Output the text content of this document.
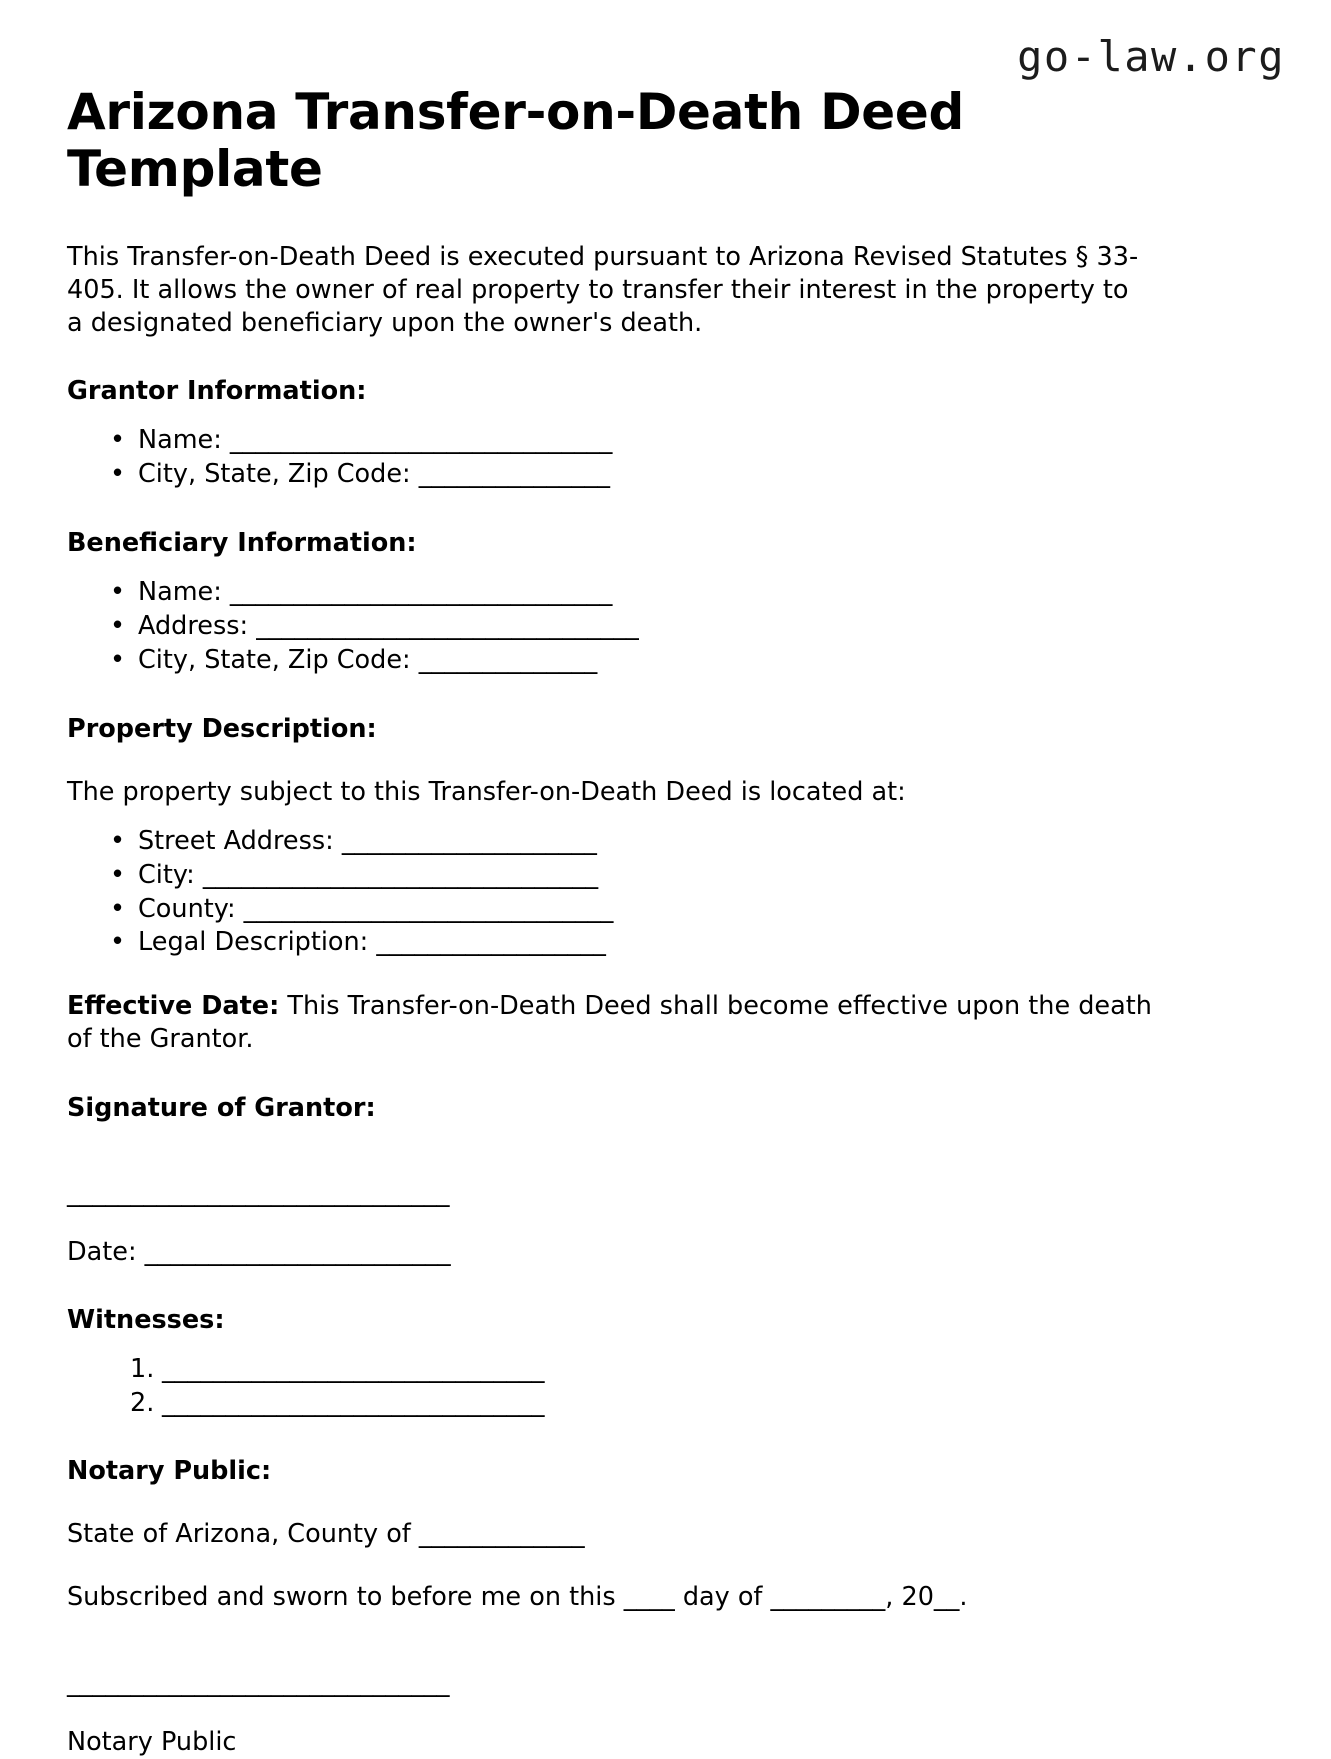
go-law.org
Arizona Transfer-on-Death Deed Template

This Transfer-on-Death Deed is executed pursuant to Arizona Revised Statutes § 33-405. It allows the owner of real property to transfer their interest in the property to a designated beneficiary upon the owner's death.

Grantor Information:
• Name: ______________________________
• City, State, Zip Code: _______________
Beneficiary Information:
• Name: ______________________________
• Address: ______________________________
• City, State, Zip Code: ______________
Property Description:

The property subject to this Transfer-on-Death Deed is located at:

• Street Address: ____________________
• City: _______________________________
• County: _____________________________
• Legal Description: __________________

Effective Date: This Transfer-on-Death Deed shall become effective upon the death of the Grantor.

Signature of Grantor:
______________________________

Date: ________________________

Witnesses:
______________________________
______________________________
Notary Public:

State of Arizona, County of _____________

Subscribed and sworn to before me on this ____ day of _________, 20__.

______________________________

Notary Public
